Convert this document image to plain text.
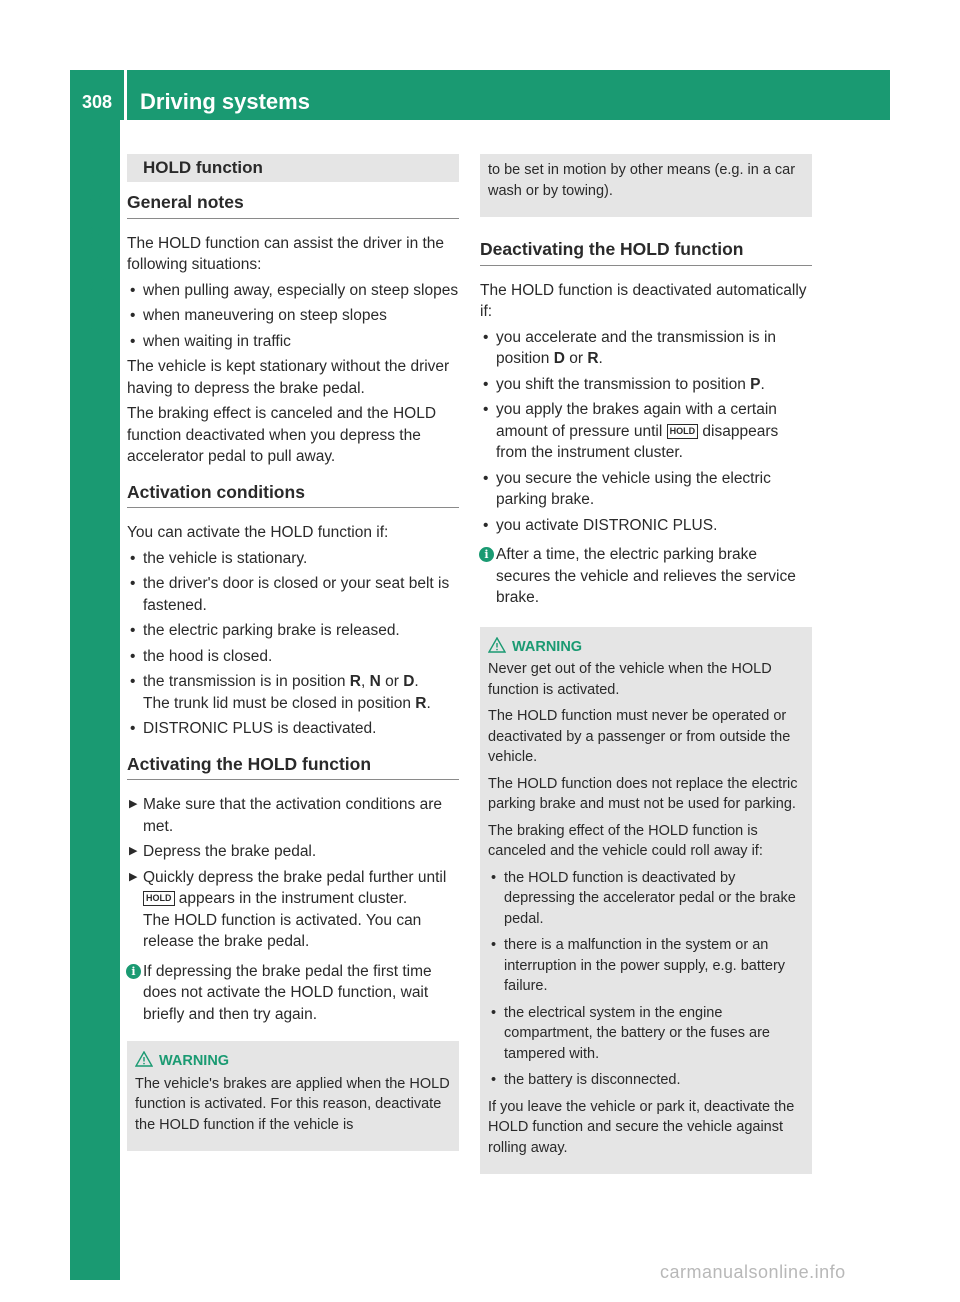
308	Driving systems
Driving and parking	HOLD function
General notes

The HOLD function can assist the driver in the following situations:

• when pulling away, especially on steep slopes
• when maneuvering on steep slopes
• when waiting in traffic

The vehicle is kept stationary without the driver having to depress the brake pedal.

The braking effect is canceled and the HOLD function deactivated when you depress the accelerator pedal to pull away.

Activation conditions

You can activate the HOLD function if:

• the vehicle is stationary.
• the driver's door is closed or your seat belt is fastened.
• the electric parking brake is released.
• the hood is closed.
• the transmission is in position R, N or D.
The trunk lid must be closed in position R.
• DISTRONIC PLUS is deactivated.
Activating the HOLD function
▶ Make sure that the activation conditions are met.
▶ Depress the brake pedal.
▶ Quickly depress the brake pedal further until HOLD appears in the instrument cluster.
The HOLD function is activated. You can release the brake pedal.
i If depressing the brake pedal the first time does not activate the HOLD function, wait briefly and then try again.
WARNING

The vehicle's brakes are applied when the HOLD function is activated. For this reason, deactivate the HOLD function if the vehicle is

to be set in motion by other means (e.g. in a car wash or by towing).

Deactivating the HOLD function

The HOLD function is deactivated automatically if:

• you accelerate and the transmission is in position D or R.
• you shift the transmission to position P.
• you apply the brakes again with a certain amount of pressure until HOLD disappears from the instrument cluster.
• you secure the vehicle using the electric parking brake.
• you activate DISTRONIC PLUS.
i After a time, the electric parking brake secures the vehicle and relieves the service brake.
WARNING

Never get out of the vehicle when the HOLD function is activated.

The HOLD function must never be operated or deactivated by a passenger or from outside the vehicle.

The HOLD function does not replace the electric parking brake and must not be used for parking.

The braking effect of the HOLD function is canceled and the vehicle could roll away if:

• the HOLD function is deactivated by depressing the accelerator pedal or the brake pedal.
• there is a malfunction in the system or an interruption in the power supply, e.g. battery failure.
• the electrical system in the engine compartment, the battery or the fuses are tampered with.
• the battery is disconnected.

If you leave the vehicle or park it, deactivate the HOLD function and secure the vehicle against rolling away.

carmanualsonline.info
